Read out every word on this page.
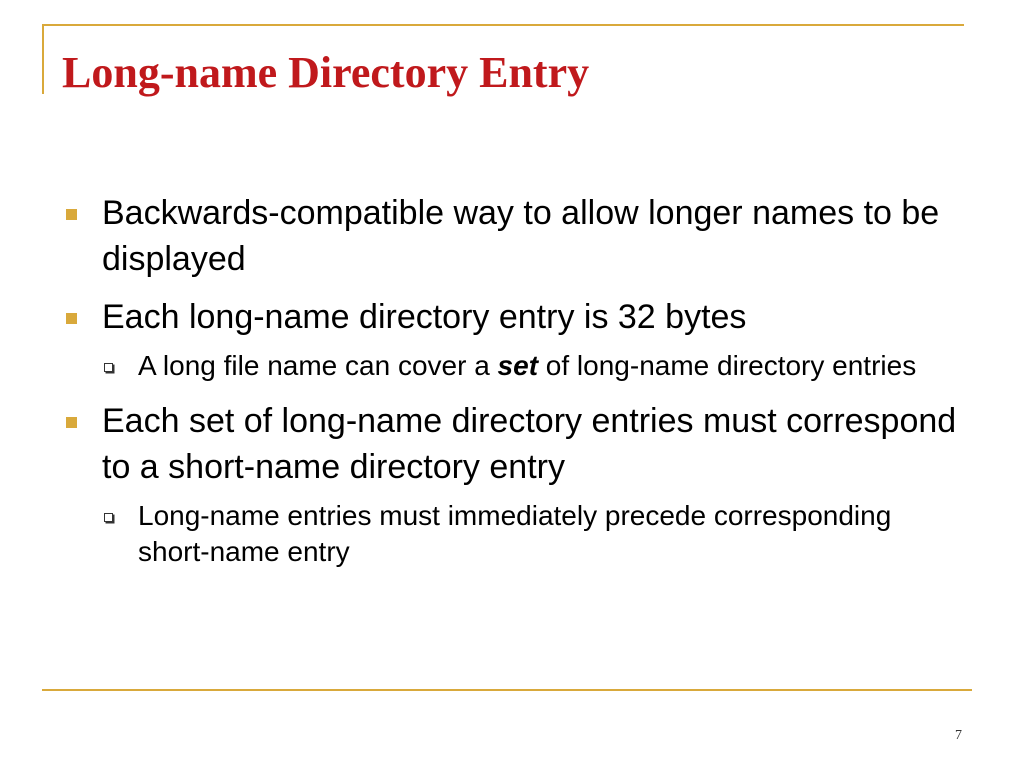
Long-name Directory Entry
Backwards-compatible way to allow longer names to be displayed
Each long-name directory entry is 32 bytes
A long file name can cover a set of long-name directory entries
Each set of long-name directory entries must correspond to a short-name directory entry
Long-name entries must immediately precede corresponding short-name entry
7
